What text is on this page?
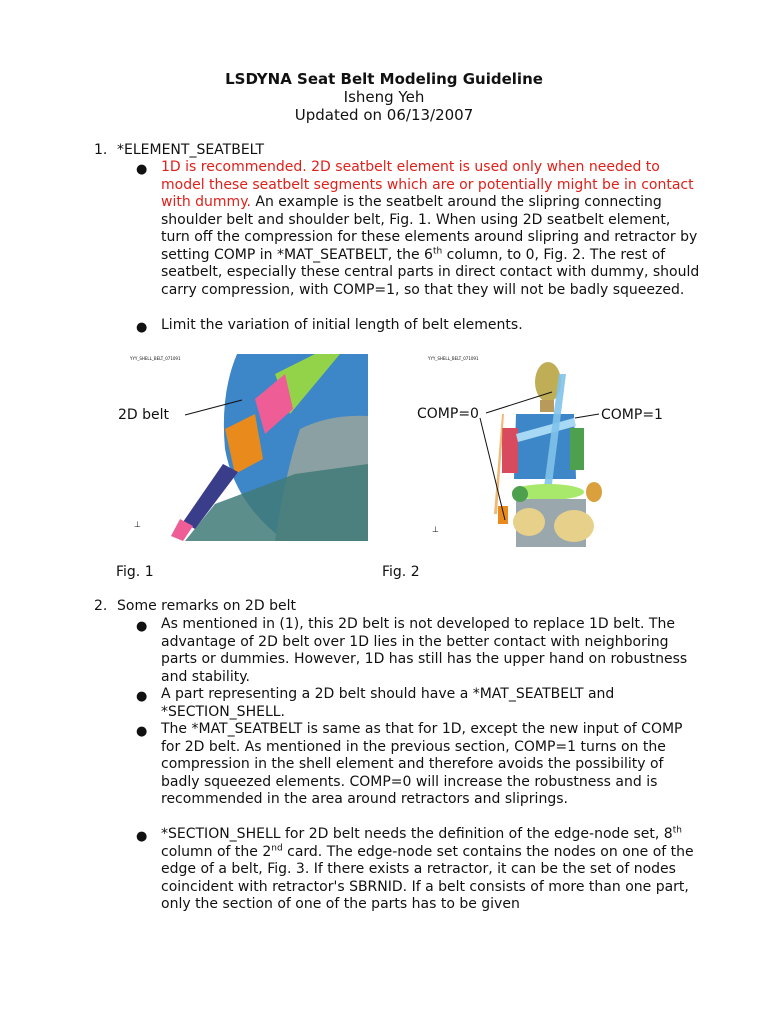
LSDYNA Seat Belt Modeling Guideline
Isheng Yeh
Updated on 06/13/2007
1. *ELEMENT_SEATBELT
● 1D is recommended. 2D seatbelt element is used only when needed to model these seatbelt segments which are or potentially might be in contact with dummy. An example is the seatbelt around the slipring connecting shoulder belt and shoulder belt, Fig. 1. When using 2D seatbelt element, turn off the compression for these elements around slipring and retractor by setting COMP in *MAT_SEATBELT, the 6th column, to 0, Fig. 2. The rest of seatbelt, especially these central parts in direct contact with dummy, should carry compression, with COMP=1, so that they will not be badly squeezed.
● Limit the variation of initial length of belt elements.
YYY_SHELL_BELT_071091
⊥
2D belt
Fig. 1
YYY_SHELL_BELT_071091
⊥
COMP=0	COMP=1
Fig. 2
2. Some remarks on 2D belt
● As mentioned in (1), this 2D belt is not developed to replace 1D belt. The advantage of 2D belt over 1D lies in the better contact with neighboring parts or dummies. However, 1D has still has the upper hand on robustness and stability.
● A part representing a 2D belt should have a *MAT_SEATBELT and *SECTION_SHELL.
● The *MAT_SEATBELT is same as that for 1D, except the new input of COMP for 2D belt. As mentioned in the previous section, COMP=1 turns on the compression in the shell element and therefore avoids the possibility of badly squeezed elements. COMP=0 will increase the robustness and is recommended in the area around retractors and sliprings.
● *SECTION_SHELL for 2D belt needs the definition of the edge-node set, 8th column of the 2nd card. The edge-node set contains the nodes on one of the edge of a belt, Fig. 3. If there exists a retractor, it can be the set of nodes coincident with retractor's SBRNID. If a belt consists of more than one part, only the section of one of the parts has to be given
